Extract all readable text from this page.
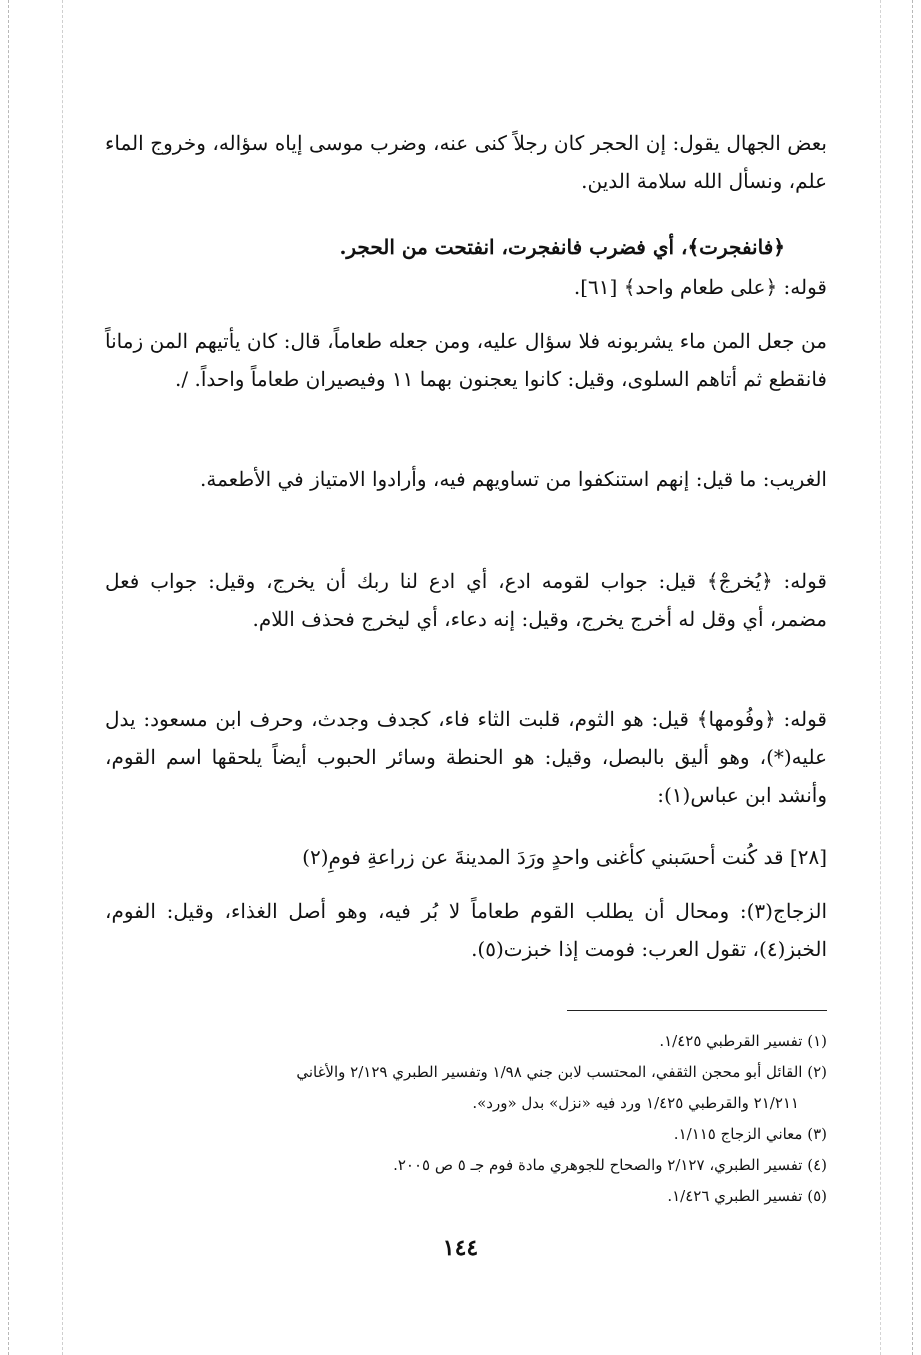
بعض الجهال يقول: إن الحجر كان رجلاً كنى عنه، وضرب موسى إياه سؤاله، وخروج الماء علم، ونسأل الله سلامة الدين.

﴿فانفجرت﴾، أي فضرب فانفجرت، انفتحت من الحجر.

قوله: ﴿على طعام واحد﴾ [٦١].

من جعل المن ماء يشربونه فلا سؤال عليه، ومن جعله طعاماً، قال: كان يأتيهم المن زماناً فانقطع ثم أتاهم السلوى، وقيل: كانوا يعجنون بهما ١١ وفيصيران طعاماً واحداً. /.

الغريب: ما قيل: إنهم استنكفوا من تساويهم فيه، وأرادوا الامتياز في الأطعمة.

قوله: ﴿يُخرجْ﴾ قيل: جواب لقومه ادع، أي ادع لنا ربك أن يخرج، وقيل: جواب فعل مضمر، أي وقل له أخرج يخرج، وقيل: إنه دعاء، أي ليخرج فحذف اللام.

قوله: ﴿وفُومها﴾ قيل: هو الثوم، قلبت الثاء فاء، كجدف وجدث، وحرف ابن مسعود: يدل عليه(*)، وهو أليق بالبصل، وقيل: هو الحنطة وسائر الحبوب أيضاً يلحقها اسم القوم، وأنشد ابن عباس(١):

[٢٨] قد كُنت أحسَبني كأغنى واحدٍ ورَدَ المدينةَ عن زراعةِ فومِ(٢)

الزجاج(٣): ومحال أن يطلب القوم طعاماً لا بُر فيه، وهو أصل الغذاء، وقيل: الفوم، الخبز(٤)، تقول العرب: فومت إذا خبزت(٥).

(١) تفسير القرطبي ١/٤٢٥.

(٢) القائل أبو محجن الثقفي، المحتسب لابن جني ١/٩٨ وتفسير الطبري ٢/١٢٩ والأغاني

٢١/٢١١ والقرطبي ١/٤٢٥ ورد فيه «نزل» بدل «ورد».

(٣) معاني الزجاج ١/١١٥.

(٤) تفسير الطبري، ٢/١٢٧ والصحاح للجوهري مادة فوم جـ ٥ ص ٢٠٠٥.

(٥) تفسير الطبري ١/٤٢٦.

١٤٤
